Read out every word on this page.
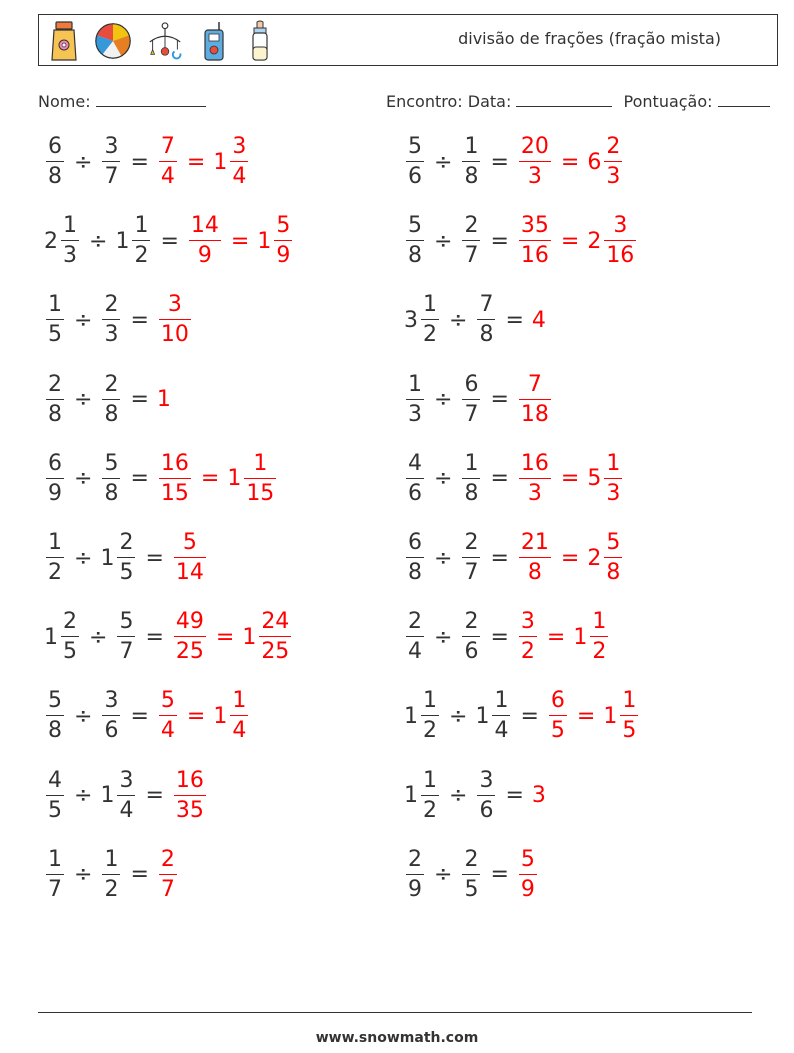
divisão de frações (fração mista)
Nome:	Encontro: Data:	Pontuação:
$\frac{6}{8} \div \frac{3}{7} = \frac{7}{4} = 1 \frac{3}{4}$	$\frac{5}{6} \div \frac{1}{8} = \frac{20}{3} = 6 \frac{2}{3}$
$2 \frac{1}{3} \div 1 \frac{1}{2} = \frac{14}{9} = 1 \frac{5}{9}$	$\frac{5}{8} \div \frac{2}{7} = \frac{35}{16} = 2 \frac{3}{16}$
$\frac{1}{5} \div \frac{2}{3} = \frac{3}{10}$	$3 \frac{1}{2} \div \frac{7}{8} = 4$
$\frac{2}{8} \div \frac{2}{8} = 1$	$\frac{1}{3} \div \frac{6}{7} = \frac{7}{18}$
$\frac{6}{9} \div \frac{5}{8} = \frac{16}{15} = 1 \frac{1}{15}$	$\frac{4}{6} \div \frac{1}{8} = \frac{16}{3} = 5 \frac{1}{3}$
$\frac{1}{2} \div 1 \frac{2}{5} = \frac{5}{14}$	$\frac{6}{8} \div \frac{2}{7} = \frac{21}{8} = 2 \frac{5}{8}$
$1 \frac{2}{5} \div \frac{5}{7} = \frac{49}{25} = 1 \frac{24}{25}$	$\frac{2}{4} \div \frac{2}{6} = \frac{3}{2} = 1 \frac{1}{2}$
$\frac{5}{8} \div \frac{3}{6} = \frac{5}{4} = 1 \frac{1}{4}$	$1 \frac{1}{2} \div 1 \frac{1}{4} = \frac{6}{5} = 1 \frac{1}{5}$
$\frac{4}{5} \div 1 \frac{3}{4} = \frac{16}{35}$	$1 \frac{1}{2} \div \frac{3}{6} = 3$
$\frac{1}{7} \div \frac{1}{2} = \frac{2}{7}$	$\frac{2}{9} \div \frac{2}{5} = \frac{5}{9}$
www.snowmath.com
